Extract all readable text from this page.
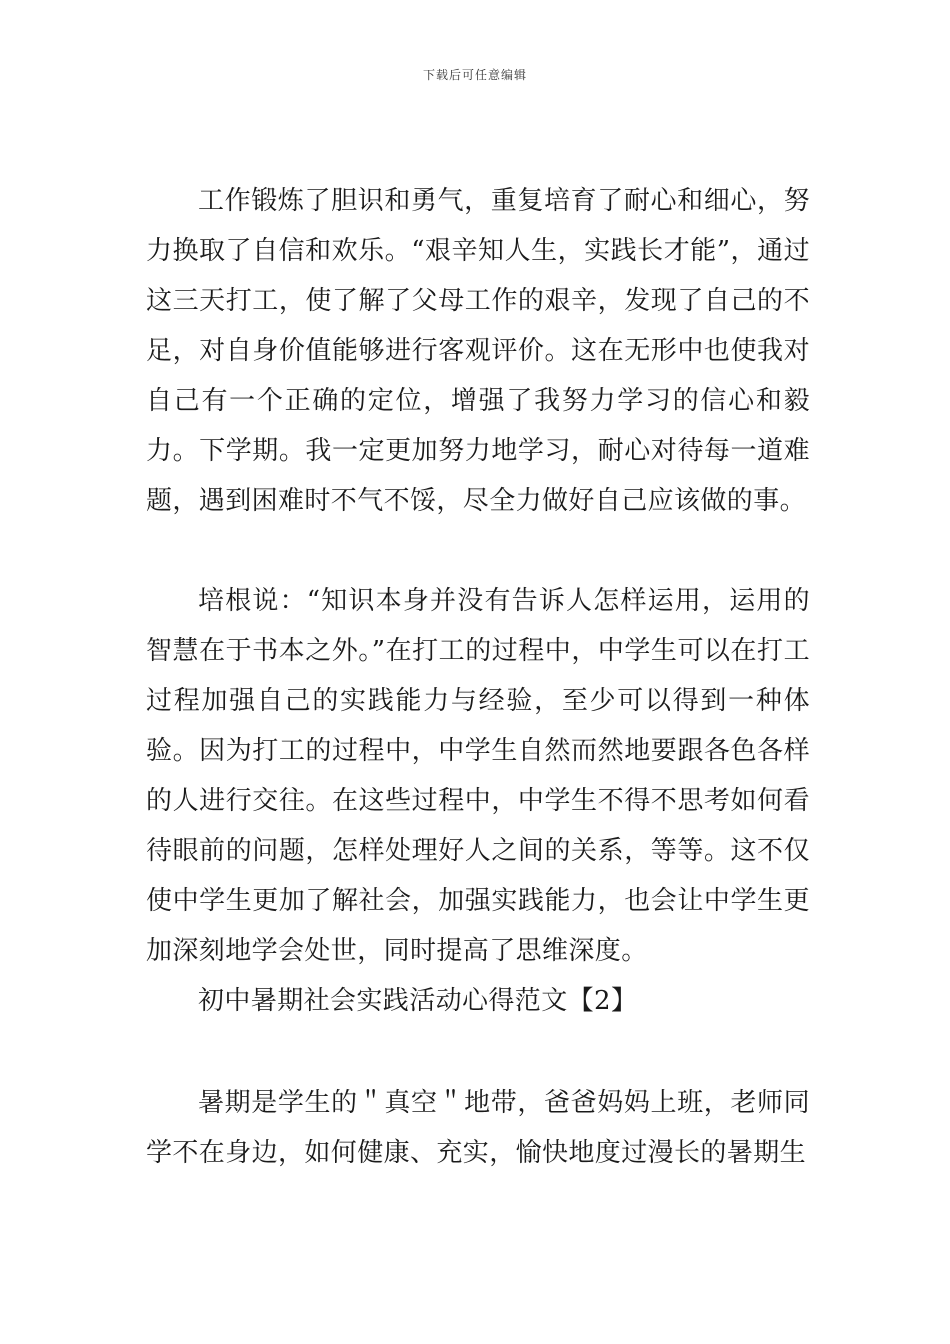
下载后可任意编辑

工作锻炼了胆识和勇气，重复培育了耐心和细心，努力换取了自信和欢乐。“艰辛知人生，实践长才能”，通过这三天打工，使了解了父母工作的艰辛，发现了自己的不足，对自身价值能够进行客观评价。这在无形中也使我对自己有一个正确的定位，增强了我努力学习的信心和毅力。下学期。我一定更加努力地学习，耐心对待每一道难题，遇到困难时不气不馁，尽全力做好自己应该做的事。

培根说：“知识本身并没有告诉人怎样运用，运用的智慧在于书本之外。”在打工的过程中，中学生可以在打工过程加强自己的实践能力与经验，至少可以得到一种体验。因为打工的过程中，中学生自然而然地要跟各色各样的人进行交往。在这些过程中，中学生不得不思考如何看待眼前的问题，怎样处理好人之间的关系，等等。这不仅使中学生更加了解社会，加强实践能力，也会让中学生更加深刻地学会处世，同时提高了思维深度。

初中暑期社会实践活动心得范文【2】

暑期是学生的＂真空＂地带，爸爸妈妈上班，老师同学不在身边，如何健康、充实，愉快地度过漫长的暑期生
